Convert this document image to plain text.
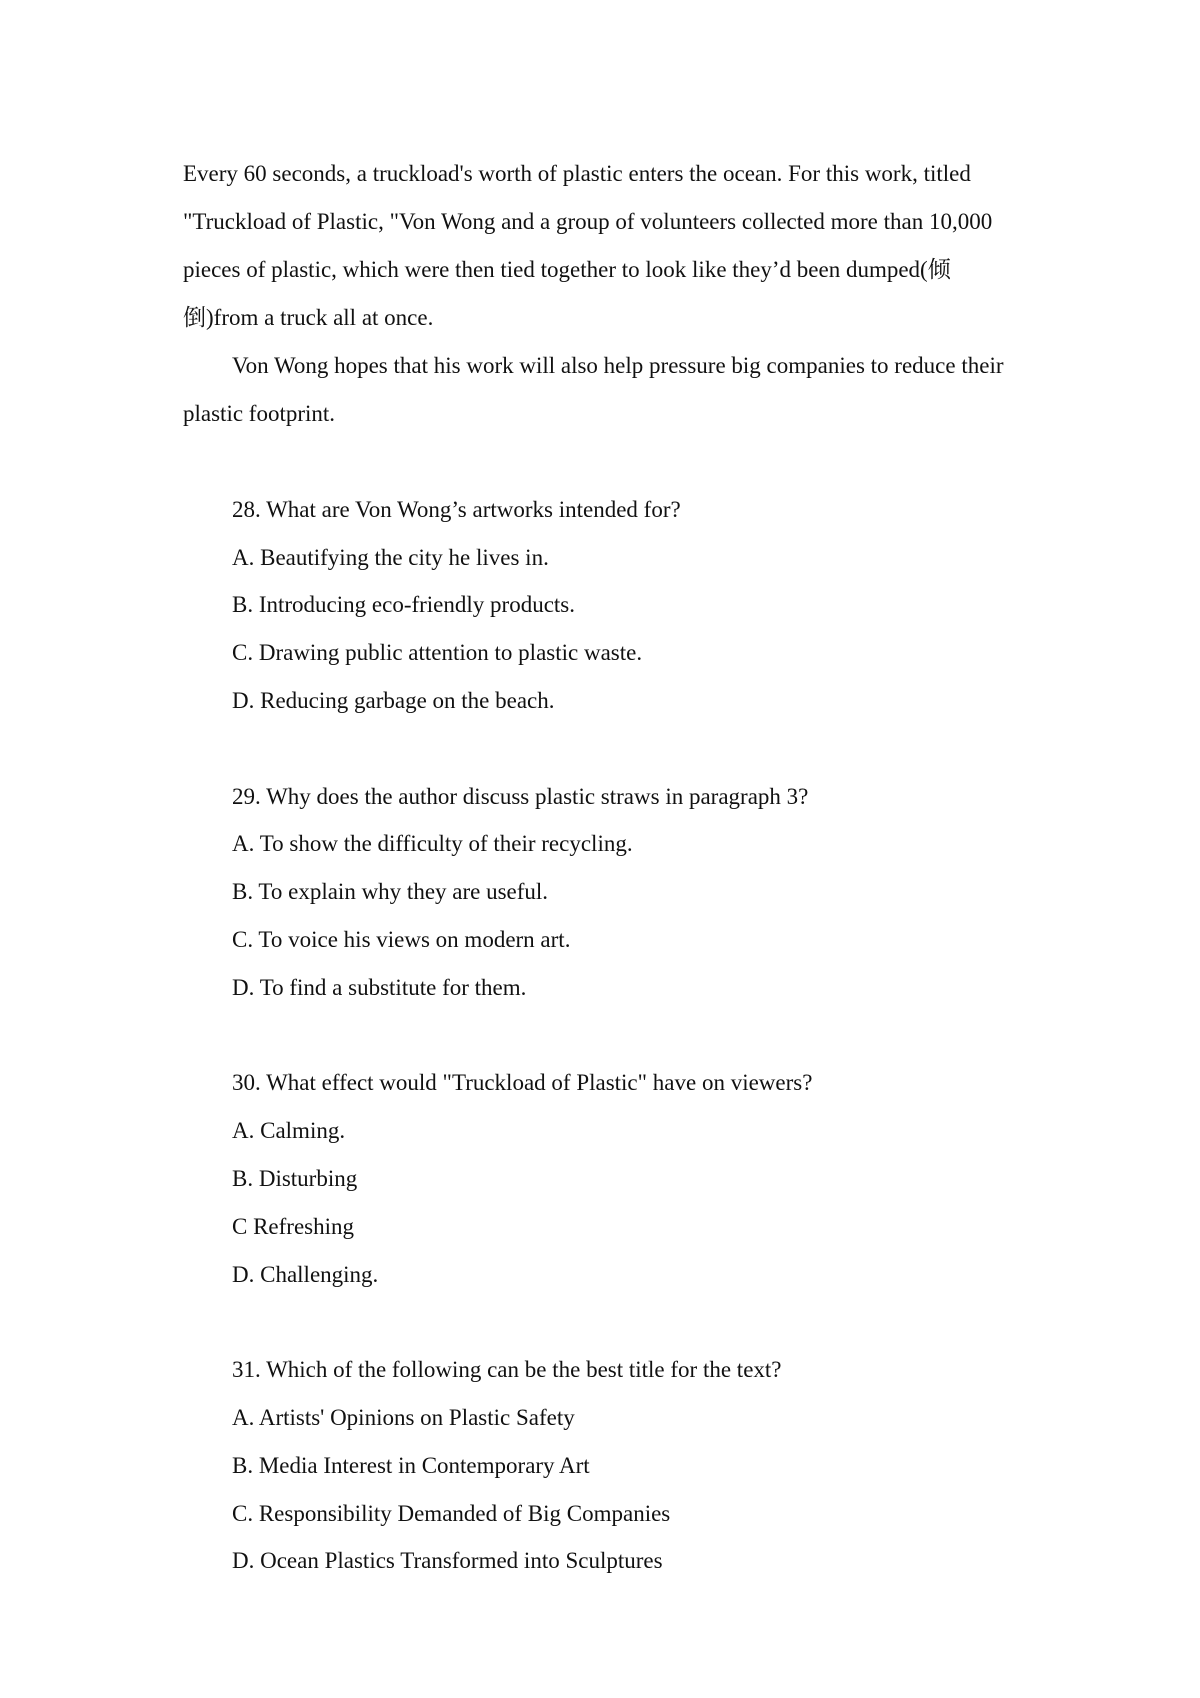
Every 60 seconds, a truckload's worth of plastic enters the ocean. For this work, titled "Truckload of Plastic, "Von Wong and a group of volunteers collected more than 10,000 pieces of plastic, which were then tied together to look like they’d been dumped(倾倒)from a truck all at once.

Von Wong hopes that his work will also help pressure big companies to reduce their plastic footprint.

28. What are Von Wong’s artworks intended for?
A. Beautifying the city he lives in.
B. Introducing eco-friendly products.
C. Drawing public attention to plastic waste.
D. Reducing garbage on the beach.
29. Why does the author discuss plastic straws in paragraph 3?
A. To show the difficulty of their recycling.
B. To explain why they are useful.
C. To voice his views on modern art.
D. To find a substitute for them.
30. What effect would "Truckload of Plastic" have on viewers?
A. Calming.
B. Disturbing
C Refreshing
D. Challenging.
31. Which of the following can be the best title for the text?
A. Artists' Opinions on Plastic Safety
B. Media Interest in Contemporary Art
C. Responsibility Demanded of Big Companies
D. Ocean Plastics Transformed into Sculptures
